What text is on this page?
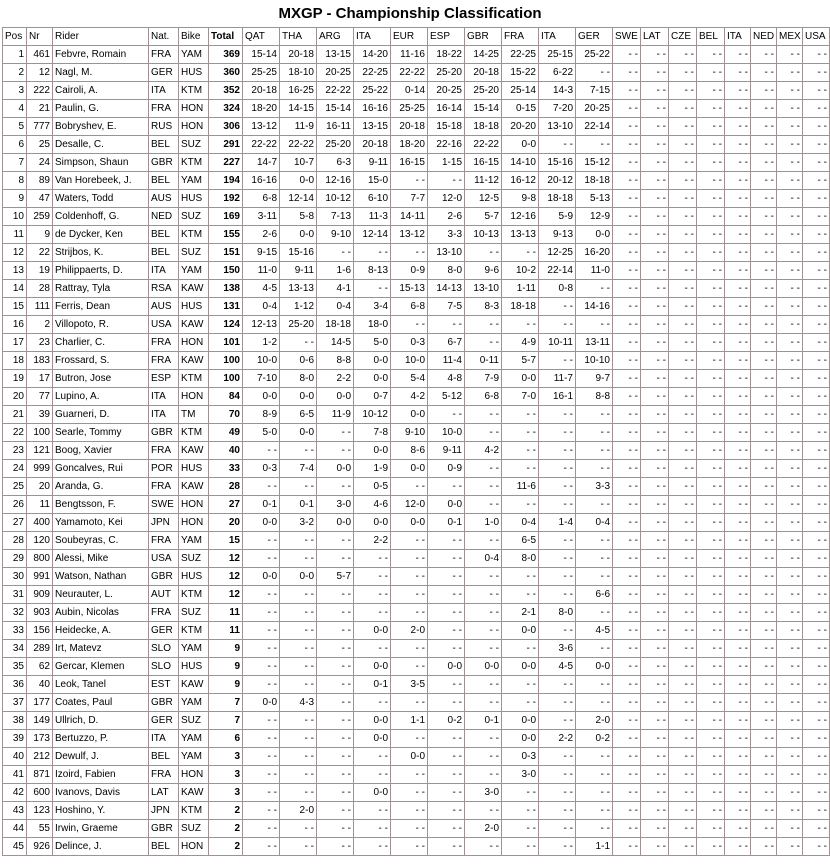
MXGP - Championship Classification
Pos	Nr	Rider	Nat.	Bike	Total	QAT	THA	ARG	ITA	EUR	ESP	GBR	FRA	ITA	GER	SWE	LAT	CZE	BEL	ITA	NED	MEX	USA
1	461	Febvre, Romain	FRA	YAM	369	15-14	20-18	13-15	14-20	11-16	18-22	14-25	22-25	25-15	25-22	- -	- -	- -	- -	- -	- -	- -	- -
2	12	Nagl, M.	GER	HUS	360	25-25	18-10	20-25	22-25	22-22	25-20	20-18	15-22	6-22	- -	- -	- -	- -	- -	- -	- -	- -	- -
3	222	Cairoli, A.	ITA	KTM	352	20-18	16-25	22-22	25-22	0-14	20-25	25-20	25-14	14-3	7-15	- -	- -	- -	- -	- -	- -	- -	- -
4	21	Paulin, G.	FRA	HON	324	18-20	14-15	15-14	16-16	25-25	16-14	15-14	0-15	7-20	20-25	- -	- -	- -	- -	- -	- -	- -	- -
5	777	Bobryshev, E.	RUS	HON	306	13-12	11-9	16-11	13-15	20-18	15-18	18-18	20-20	13-10	22-14	- -	- -	- -	- -	- -	- -	- -	- -
6	25	Desalle, C.	BEL	SUZ	291	22-22	22-22	25-20	20-18	18-20	22-16	22-22	0-0	- -	- -	- -	- -	- -	- -	- -	- -	- -	- -
7	24	Simpson, Shaun	GBR	KTM	227	14-7	10-7	6-3	9-11	16-15	1-15	16-15	14-10	15-16	15-12	- -	- -	- -	- -	- -	- -	- -	- -
8	89	Van Horebeek, J.	BEL	YAM	194	16-16	0-0	12-16	15-0	- -	- -	11-12	16-12	20-12	18-18	- -	- -	- -	- -	- -	- -	- -	- -
9	47	Waters, Todd	AUS	HUS	192	6-8	12-14	10-12	6-10	7-7	12-0	12-5	9-8	18-18	5-13	- -	- -	- -	- -	- -	- -	- -	- -
10	259	Coldenhoff, G.	NED	SUZ	169	3-11	5-8	7-13	11-3	14-11	2-6	5-7	12-16	5-9	12-9	- -	- -	- -	- -	- -	- -	- -	- -
11	9	de Dycker, Ken	BEL	KTM	155	2-6	0-0	9-10	12-14	13-12	3-3	10-13	13-13	9-13	0-0	- -	- -	- -	- -	- -	- -	- -	- -
12	22	Strijbos, K.	BEL	SUZ	151	9-15	15-16	- -	- -	- -	13-10	- -	- -	12-25	16-20	- -	- -	- -	- -	- -	- -	- -	- -
13	19	Philippaerts, D.	ITA	YAM	150	11-0	9-11	1-6	8-13	0-9	8-0	9-6	10-2	22-14	11-0	- -	- -	- -	- -	- -	- -	- -	- -
14	28	Rattray, Tyla	RSA	KAW	138	4-5	13-13	4-1	- -	15-13	14-13	13-10	1-11	0-8	- -	- -	- -	- -	- -	- -	- -	- -	- -
15	111	Ferris, Dean	AUS	HUS	131	0-4	1-12	0-4	3-4	6-8	7-5	8-3	18-18	- -	14-16	- -	- -	- -	- -	- -	- -	- -	- -
16	2	Villopoto, R.	USA	KAW	124	12-13	25-20	18-18	18-0	- -	- -	- -	- -	- -	- -	- -	- -	- -	- -	- -	- -	- -	- -
17	23	Charlier, C.	FRA	HON	101	1-2	- -	14-5	5-0	0-3	6-7	- -	4-9	10-11	13-11	- -	- -	- -	- -	- -	- -	- -	- -
18	183	Frossard, S.	FRA	KAW	100	10-0	0-6	8-8	0-0	10-0	11-4	0-11	5-7	- -	10-10	- -	- -	- -	- -	- -	- -	- -	- -
19	17	Butron, Jose	ESP	KTM	100	7-10	8-0	2-2	0-0	5-4	4-8	7-9	0-0	11-7	9-7	- -	- -	- -	- -	- -	- -	- -	- -
20	77	Lupino, A.	ITA	HON	84	0-0	0-0	0-0	0-7	4-2	5-12	6-8	7-0	16-1	8-8	- -	- -	- -	- -	- -	- -	- -	- -
21	39	Guarneri, D.	ITA	TM	70	8-9	6-5	11-9	10-12	0-0	- -	- -	- -	- -	- -	- -	- -	- -	- -	- -	- -	- -	- -
22	100	Searle, Tommy	GBR	KTM	49	5-0	0-0	- -	7-8	9-10	10-0	- -	- -	- -	- -	- -	- -	- -	- -	- -	- -	- -	- -
23	121	Boog, Xavier	FRA	KAW	40	- -	- -	- -	0-0	8-6	9-11	4-2	- -	- -	- -	- -	- -	- -	- -	- -	- -	- -	- -
24	999	Goncalves, Rui	POR	HUS	33	0-3	7-4	0-0	1-9	0-0	0-9	- -	- -	- -	- -	- -	- -	- -	- -	- -	- -	- -	- -
25	20	Aranda, G.	FRA	KAW	28	- -	- -	- -	0-5	- -	- -	- -	11-6	- -	3-3	- -	- -	- -	- -	- -	- -	- -	- -
26	11	Bengtsson, F.	SWE	HON	27	0-1	0-1	3-0	4-6	12-0	0-0	- -	- -	- -	- -	- -	- -	- -	- -	- -	- -	- -	- -
27	400	Yamamoto, Kei	JPN	HON	20	0-0	3-2	0-0	0-0	0-0	0-1	1-0	0-4	1-4	0-4	- -	- -	- -	- -	- -	- -	- -	- -
28	120	Soubeyras, C.	FRA	YAM	15	- -	- -	- -	2-2	- -	- -	- -	6-5	- -	- -	- -	- -	- -	- -	- -	- -	- -	- -
29	800	Alessi, Mike	USA	SUZ	12	- -	- -	- -	- -	- -	- -	0-4	8-0	- -	- -	- -	- -	- -	- -	- -	- -	- -	- -
30	991	Watson, Nathan	GBR	HUS	12	0-0	0-0	5-7	- -	- -	- -	- -	- -	- -	- -	- -	- -	- -	- -	- -	- -	- -	- -
31	909	Neurauter, L.	AUT	KTM	12	- -	- -	- -	- -	- -	- -	- -	- -	- -	6-6	- -	- -	- -	- -	- -	- -	- -	- -
32	903	Aubin, Nicolas	FRA	SUZ	11	- -	- -	- -	- -	- -	- -	- -	2-1	8-0	- -	- -	- -	- -	- -	- -	- -	- -	- -
33	156	Heidecke, A.	GER	KTM	11	- -	- -	- -	0-0	2-0	- -	- -	0-0	- -	4-5	- -	- -	- -	- -	- -	- -	- -	- -
34	289	Irt, Matevz	SLO	YAM	9	- -	- -	- -	- -	- -	- -	- -	- -	3-6	- -	- -	- -	- -	- -	- -	- -	- -	- -
35	62	Gercar, Klemen	SLO	HUS	9	- -	- -	- -	0-0	- -	0-0	0-0	0-0	4-5	0-0	- -	- -	- -	- -	- -	- -	- -	- -
36	40	Leok, Tanel	EST	KAW	9	- -	- -	- -	0-1	3-5	- -	- -	- -	- -	- -	- -	- -	- -	- -	- -	- -	- -	- -
37	177	Coates, Paul	GBR	YAM	7	0-0	4-3	- -	- -	- -	- -	- -	- -	- -	- -	- -	- -	- -	- -	- -	- -	- -	- -
38	149	Ullrich, D.	GER	SUZ	7	- -	- -	- -	0-0	1-1	0-2	0-1	0-0	- -	2-0	- -	- -	- -	- -	- -	- -	- -	- -
39	173	Bertuzzo, P.	ITA	YAM	6	- -	- -	- -	0-0	- -	- -	- -	0-0	2-2	0-2	- -	- -	- -	- -	- -	- -	- -	- -
40	212	Dewulf, J.	BEL	YAM	3	- -	- -	- -	- -	0-0	- -	- -	0-3	- -	- -	- -	- -	- -	- -	- -	- -	- -	- -
41	871	Izoird, Fabien	FRA	HON	3	- -	- -	- -	- -	- -	- -	- -	3-0	- -	- -	- -	- -	- -	- -	- -	- -	- -	- -
42	600	Ivanovs, Davis	LAT	KAW	3	- -	- -	- -	0-0	- -	- -	3-0	- -	- -	- -	- -	- -	- -	- -	- -	- -	- -	- -
43	123	Hoshino, Y.	JPN	KTM	2	- -	2-0	- -	- -	- -	- -	- -	- -	- -	- -	- -	- -	- -	- -	- -	- -	- -	- -
44	55	Irwin, Graeme	GBR	SUZ	2	- -	- -	- -	- -	- -	- -	2-0	- -	- -	- -	- -	- -	- -	- -	- -	- -	- -	- -
45	926	Delince, J.	BEL	HON	2	- -	- -	- -	- -	- -	- -	- -	- -	- -	1-1	- -	- -	- -	- -	- -	- -	- -	- -
